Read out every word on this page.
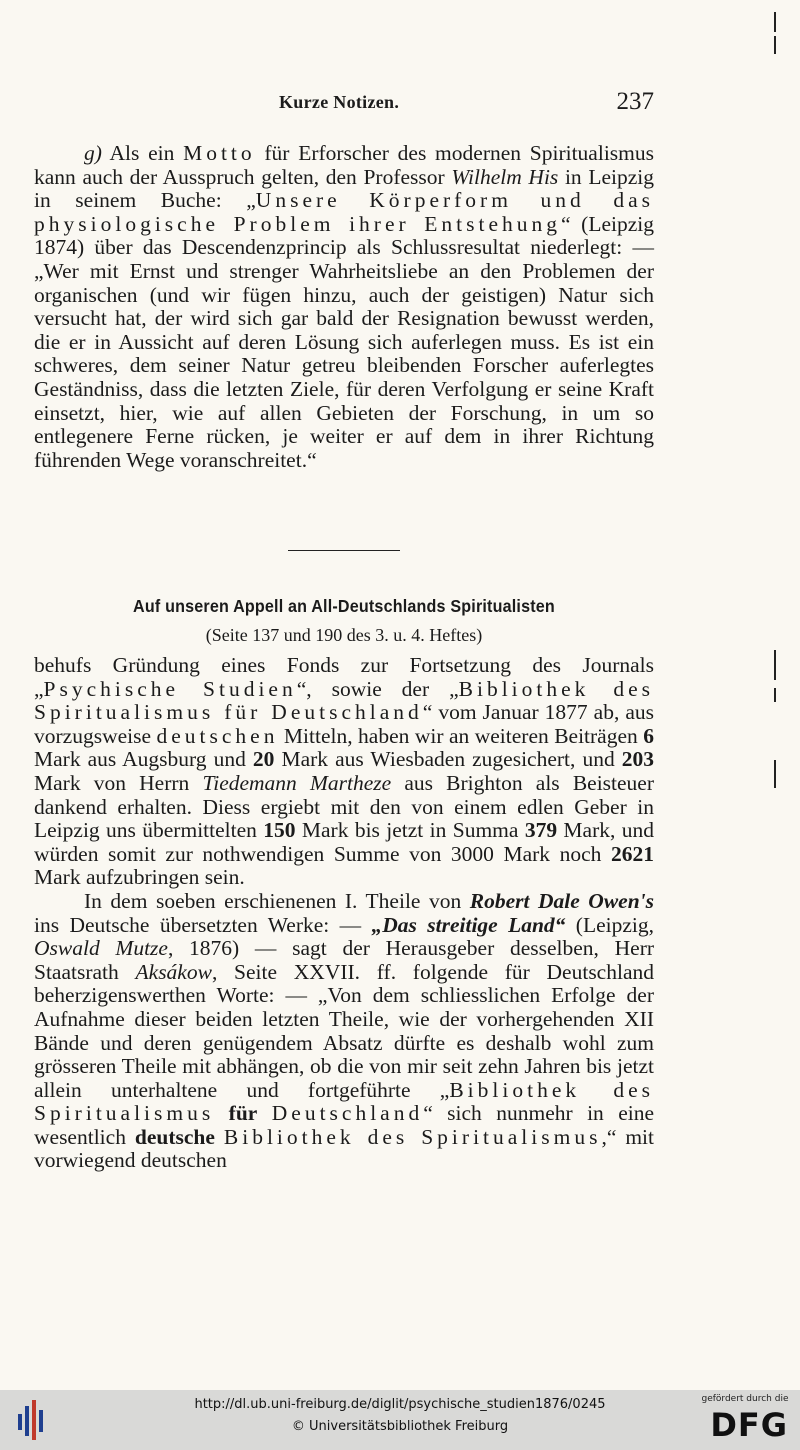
Kurze Notizen.	237

g) Als ein Motto für Erforscher des modernen Spiritualismus kann auch der Ausspruch gelten, den Professor Wilhelm His in Leipzig in seinem Buche: „Unsere Körperform und das physiologische Problem ihrer Entstehung“ (Leipzig 1874) über das Descendenzprincip als Schlussresultat niederlegt: — „Wer mit Ernst und strenger Wahrheitsliebe an den Problemen der organischen (und wir fügen hinzu, auch der geistigen) Natur sich versucht hat, der wird sich gar bald der Resignation bewusst werden, die er in Aussicht auf deren Lösung sich auferlegen muss. Es ist ein schweres, dem seiner Natur getreu bleibenden Forscher auferlegtes Geständniss, dass die letzten Ziele, für deren Verfolgung er seine Kraft einsetzt, hier, wie auf allen Gebieten der Forschung, in um so entlegenere Ferne rücken, je weiter er auf dem in ihrer Richtung führenden Wege voranschreitet.“

Auf unseren Appell an All-Deutschlands Spiritualisten
(Seite 137 und 190 des 3. u. 4. Heftes)

behufs Gründung eines Fonds zur Fortsetzung des Journals „Psychische Studien“, sowie der „Bibliothek des Spiritualismus für Deutschland“ vom Januar 1877 ab, aus vorzugsweise deutschen Mitteln, haben wir an weiteren Beiträgen 6 Mark aus Augsburg und 20 Mark aus Wiesbaden zugesichert, und 203 Mark von Herrn Tiedemann Martheze aus Brighton als Beisteuer dankend erhalten. Diess ergiebt mit den von einem edlen Geber in Leipzig uns übermittelten 150 Mark bis jetzt in Summa 379 Mark, und würden somit zur nothwendigen Summe von 3000 Mark noch 2621 Mark aufzubringen sein.

In dem soeben erschienenen I. Theile von Robert Dale Owen's ins Deutsche übersetzten Werke: — „Das streitige Land“ (Leipzig, Oswald Mutze, 1876) — sagt der Herausgeber desselben, Herr Staatsrath Aksákow, Seite XXVII. ff. folgende für Deutschland beherzigenswerthen Worte: — „Von dem schliesslichen Erfolge der Aufnahme dieser beiden letzten Theile, wie der vorhergehenden XII Bände und deren genügendem Absatz dürfte es deshalb wohl zum grösseren Theile mit abhängen, ob die von mir seit zehn Jahren bis jetzt allein unterhaltene und fortgeführte „Bibliothek des Spiritualismus für Deutschland“ sich nunmehr in eine wesentlich deutsche Bibliothek des Spiritualismus,“ mit vorwiegend deutschen

http://dl.ub.uni-freiburg.de/diglit/psychische_studien1876/0245
© Universitätsbibliothek Freiburg
gefördert durch die
DFG
